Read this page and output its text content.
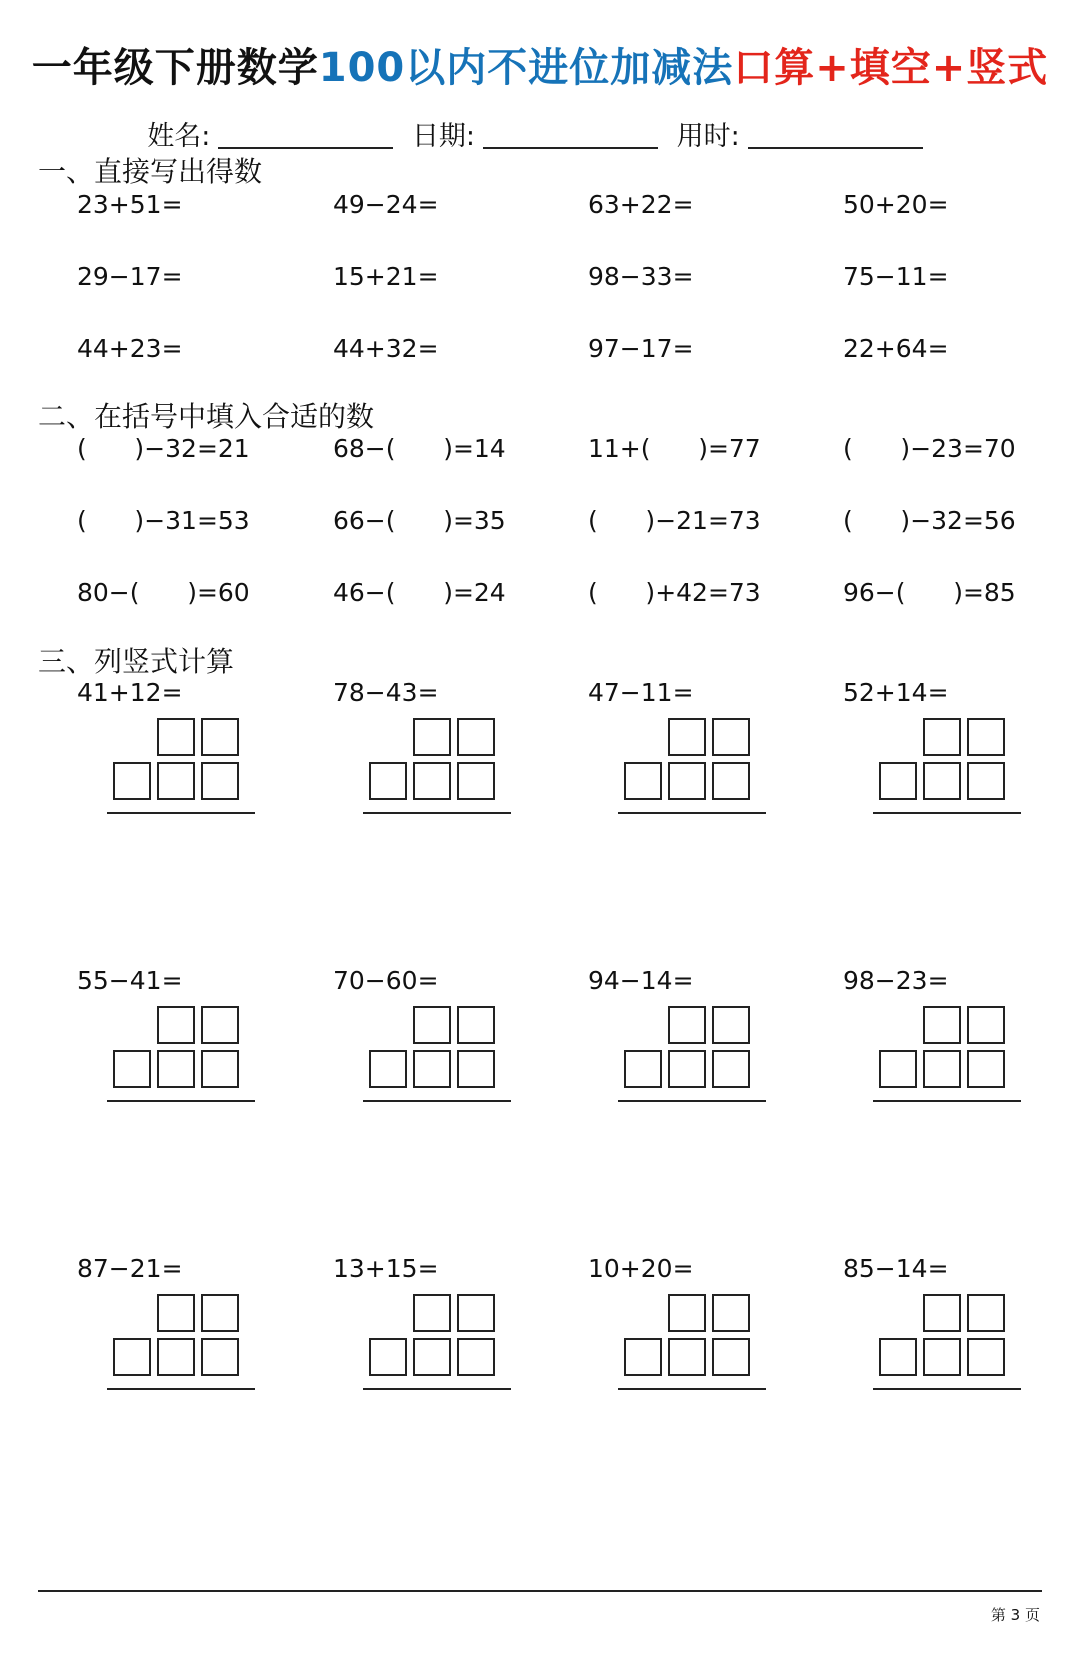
一年级下册数学100以内不进位加减法口算+填空+竖式
姓名:	日期:	用时:
一、直接写出得数
23+51=	49−24=	63+22=	50+20=
29−17=	15+21=	98−33=	75−11=
44+23=	44+32=	97−17=	22+64=
二、在括号中填入合适的数
(      )−32=21	68−(      )=14	11+(      )=77	(      )−23=70
(      )−31=53	66−(      )=35	(      )−21=73	(      )−32=56
80−(      )=60	46−(      )=24	(      )+42=73	96−(      )=85
三、列竖式计算
41+12=	78−43=	47−11=	52+14=
55−41=	70−60=	94−14=	98−23=
87−21=	13+15=	10+20=	85−14=
第 3 页
